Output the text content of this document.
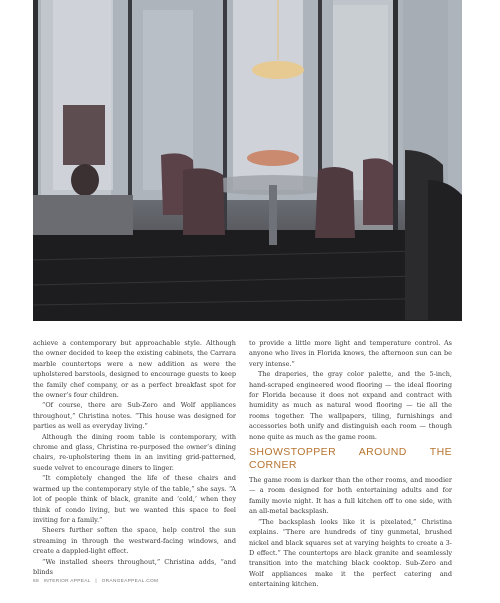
achieve a contemporary but approachable style. Although the owner decided to keep the existing cabinets, the Carrara marble countertops were a new addition as were the upholstered barstools, designed to encourage guests to keep the family chef company, or as a perfect breakfast spot for the owner’s four children.

“Of course, there are Sub-Zero and Wolf appliances throughout,” Christina notes. “This house was designed for parties as well as everyday living.”

Although the dining room table is contemporary, with chrome and glass, Christina re-purposed the owner’s dining chairs, re-upholstering them in an inviting grid-patterned, suede velvet to encourage diners to linger.

“It completely changed the life of these chairs and warmed up the contemporary style of the table,” she says. “A lot of people think of black, granite and ‘cold,’ when they think of condo living, but we wanted this space to feel inviting for a family.”

Sheers further soften the space, help control the sun streaming in through the westward-facing windows, and create a dappled-light effect.

“We installed sheers throughout,” Christina adds, “and blinds

to provide a little more light and temperature control. As anyone who lives in Florida knows, the afternoon sun can be very intense.”

The draperies, the gray color palette, and the 5-inch, hand-scraped engineered wood flooring — the ideal flooring for Florida because it does not expand and contract with humidity as much as natural wood flooring — tie all the rooms together. The wallpapers, tiling, furnishings and accessories both unify and distinguish each room — though none quite as much as the game room.

SHOWSTOPPER AROUND THE CORNER

The game room is darker than the other rooms, and moodier — a room designed for both entertaining adults and for family movie night. It has a full kitchen off to one side, with an all-metal backsplash.

“The backsplash looks like it is pixelated,” Christina explains. “There are hundreds of tiny gunmetal, brushed nickel and black squares set at varying heights to create a 3-D effect.” The countertops are black granite and seamlessly transition into the matching black cooktop. Sub-Zero and Wolf appliances make it the perfect catering and entertaining kitchen.

68 INTERIOR APPEAL | ORANGEAPPEAL.COM
